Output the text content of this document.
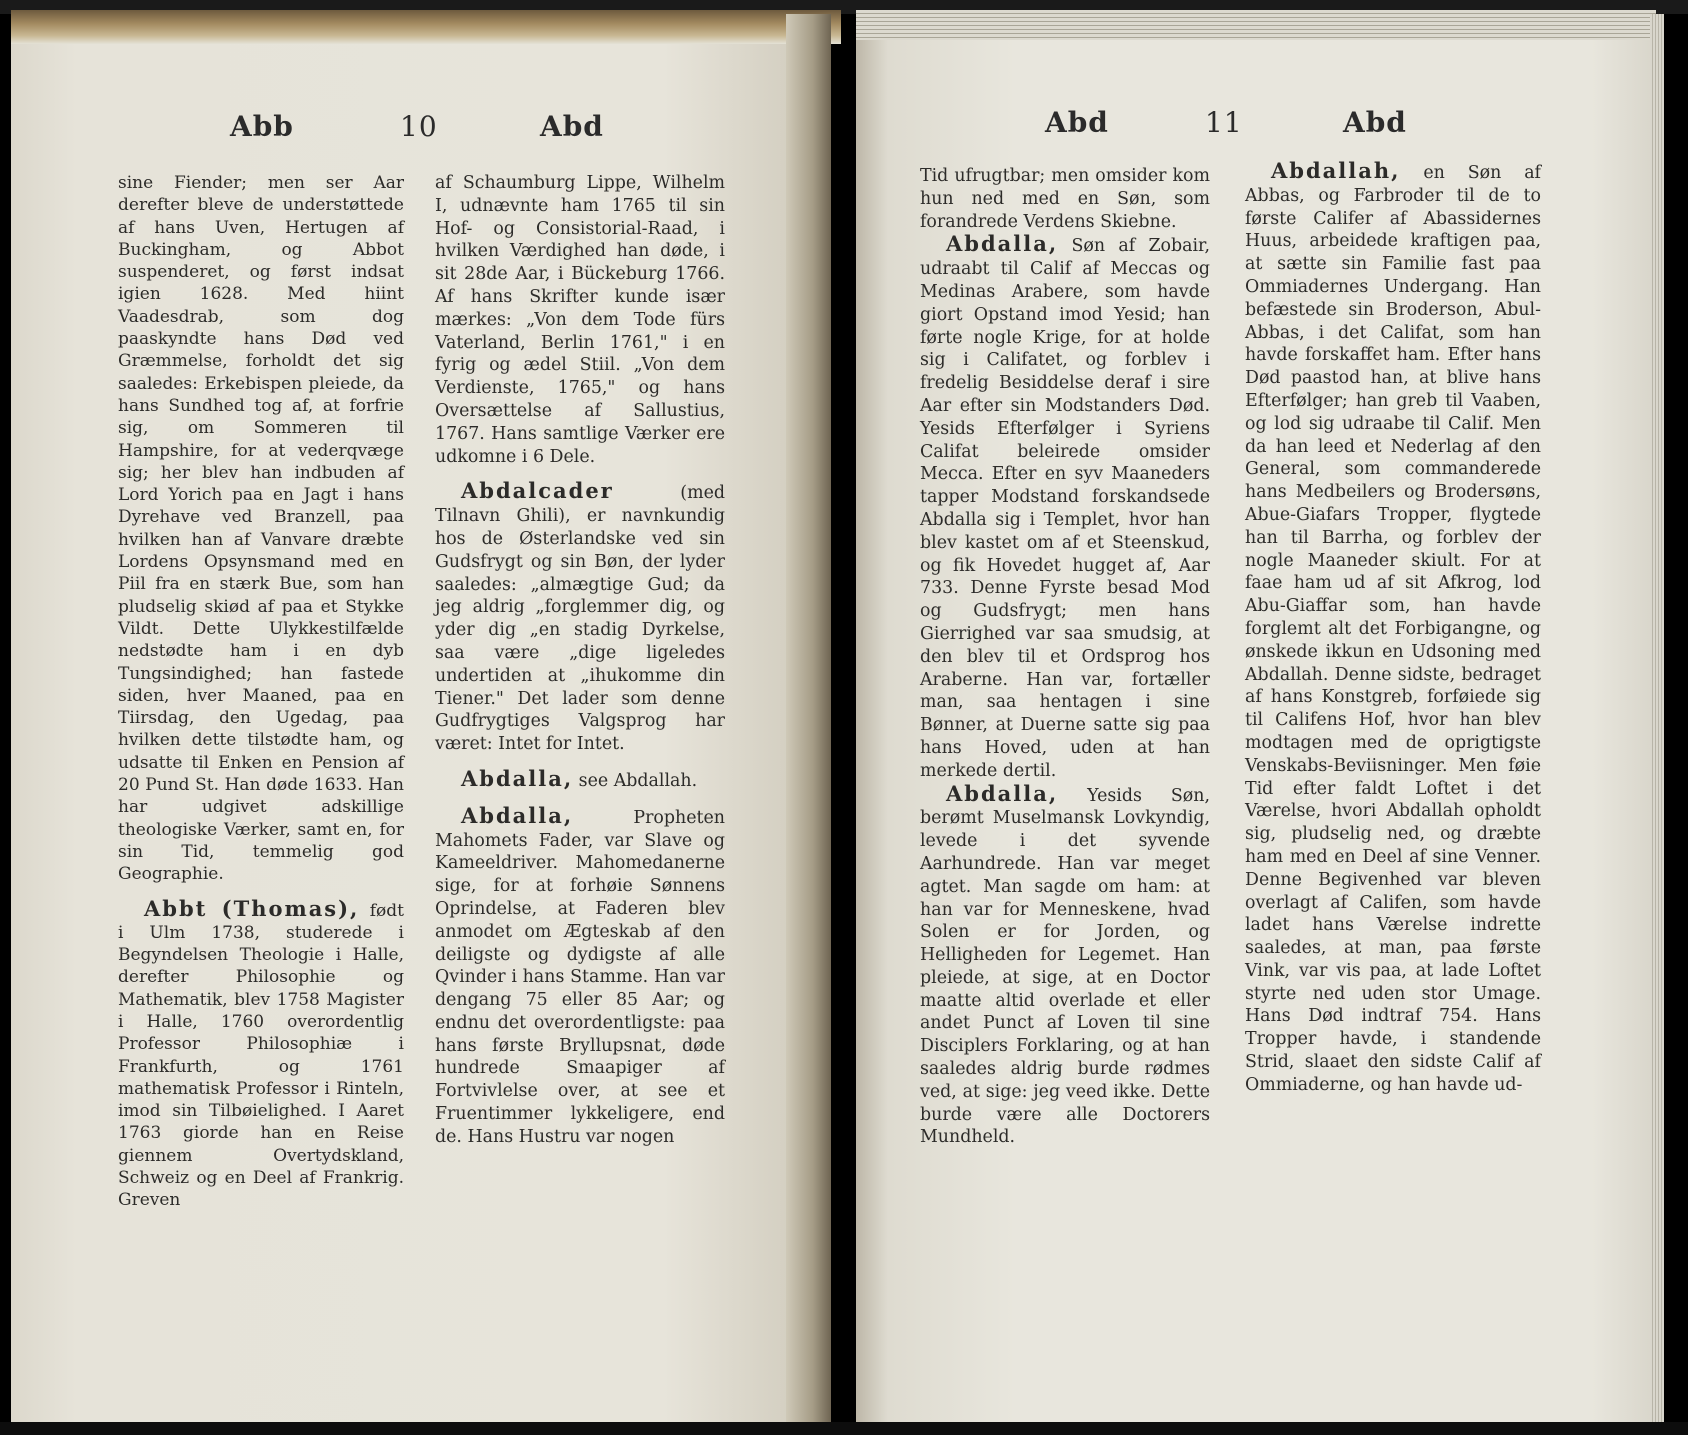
Abb	10	Abd

sine Fiender; men ser Aar derefter bleve de understøttede af hans Uven, Hertugen af Buckingham, og Abbot suspenderet, og først indsat igien 1628. Med hiint Vaadesdrab, som dog paaskyndte hans Død ved Græmmelse, forholdt det sig saaledes: Erkebispen pleiede, da hans Sundhed tog af, at forfrie sig, om Sommeren til Hampshire, for at vederqvæge sig; her blev han indbuden af Lord Yorich paa en Jagt i hans Dyrehave ved Branzell, paa hvilken han af Vanvare dræbte Lordens Opsynsmand med en Piil fra en stærk Bue, som han pludselig skiød af paa et Stykke Vildt. Dette Ulykkestilfælde nedstødte ham i en dyb Tungsindighed; han fastede siden, hver Maaned, paa en Tiirsdag, den Ugedag, paa hvilken dette tilstødte ham, og udsatte til Enken en Pension af 20 Pund St. Han døde 1633. Han har udgivet adskillige theologiske Værker, samt en, for sin Tid, temmelig god Geographie.

Abbt (Thomas), født i Ulm 1738, studerede i Begyndelsen Theologie i Halle, derefter Philosophie og Mathematik, blev 1758 Magister i Halle, 1760 overordentlig Professor Philosophiæ i Frankfurth, og 1761 mathematisk Professor i Rinteln, imod sin Tilbøielighed. I Aaret 1763 giorde han en Reise giennem Overtydskland, Schweiz og en Deel af Frankrig. Greven

af Schaumburg Lippe, Wilhelm I, udnævnte ham 1765 til sin Hof- og Consistorial-Raad, i hvilken Værdighed han døde, i sit 28de Aar, i Bückeburg 1766. Af hans Skrifter kunde især mærkes: „Von dem Tode fürs Vaterland, Berlin 1761," i en fyrig og ædel Stiil. „Von dem Verdienste, 1765," og hans Oversættelse af Sallustius, 1767. Hans samtlige Værker ere udkomne i 6 Dele.

Abdalcader (med Tilnavn Ghili), er navnkundig hos de Østerlandske ved sin Gudsfrygt og sin Bøn, der lyder saaledes: „almægtige Gud; da jeg aldrig „forglemmer dig, og yder dig „en stadig Dyrkelse, saa være „dige ligeledes undertiden at „ihukomme din Tiener." Det lader som denne Gudfrygtiges Valgsprog har været: Intet for Intet.

Abdalla, see Abdallah.

Abdalla, Propheten Mahomets Fader, var Slave og Kameeldriver. Mahomedanerne sige, for at forhøie Sønnens Oprindelse, at Faderen blev anmodet om Ægteskab af den deiligste og dydigste af alle Qvinder i hans Stamme. Han var dengang 75 eller 85 Aar; og endnu det overordentligste: paa hans første Bryllupsnat, døde hundrede Smaapiger af Fortvivlelse over, at see et Fruentimmer lykkeligere, end de. Hans Hustru var nogen

Abd	11	Abd

Tid ufrugtbar; men omsider kom hun ned med en Søn, som forandrede Verdens Skiebne.

Abdalla, Søn af Zobair, udraabt til Calif af Meccas og Medinas Arabere, som havde giort Opstand imod Yesid; han førte nogle Krige, for at holde sig i Califatet, og forblev i fredelig Besiddelse deraf i sire Aar efter sin Modstanders Død. Yesids Efterfølger i Syriens Califat beleirede omsider Mecca. Efter en syv Maaneders tapper Modstand forskandsede Abdalla sig i Templet, hvor han blev kastet om af et Steenskud, og fik Hovedet hugget af, Aar 733. Denne Fyrste besad Mod og Gudsfrygt; men hans Gierrighed var saa smudsig, at den blev til et Ordsprog hos Araberne. Han var, fortæller man, saa hentagen i sine Bønner, at Duerne satte sig paa hans Hoved, uden at han merkede dertil.

Abdalla, Yesids Søn, berømt Muselmansk Lovkyndig, levede i det syvende Aarhundrede. Han var meget agtet. Man sagde om ham: at han var for Menneskene, hvad Solen er for Jorden, og Helligheden for Legemet. Han pleiede, at sige, at en Doctor maatte altid overlade et eller andet Punct af Loven til sine Disciplers Forklaring, og at han saaledes aldrig burde rødmes ved, at sige: jeg veed ikke. Dette burde være alle Doctorers Mundheld.

Abdallah, en Søn af Abbas, og Farbroder til de to første Califer af Abassidernes Huus, arbeidede kraftigen paa, at sætte sin Familie fast paa Ommiadernes Undergang. Han befæstede sin Broderson, Abul-Abbas, i det Califat, som han havde forskaffet ham. Efter hans Død paastod han, at blive hans Efterfølger; han greb til Vaaben, og lod sig udraabe til Calif. Men da han leed et Nederlag af den General, som commanderede hans Medbeilers og Brodersøns, Abue-Giafars Tropper, flygtede han til Barrha, og forblev der nogle Maaneder skiult. For at faae ham ud af sit Afkrog, lod Abu-Giaffar som, han havde forglemt alt det Forbigangne, og ønskede ikkun en Udsoning med Abdallah. Denne sidste, bedraget af hans Konstgreb, forføiede sig til Califens Hof, hvor han blev modtagen med de oprigtigste Venskabs-Beviisninger. Men føie Tid efter faldt Loftet i det Værelse, hvori Abdallah opholdt sig, pludselig ned, og dræbte ham med en Deel af sine Venner. Denne Begivenhed var bleven overlagt af Califen, som havde ladet hans Værelse indrette saaledes, at man, paa første Vink, var vis paa, at lade Loftet styrte ned uden stor Umage. Hans Død indtraf 754. Hans Tropper havde, i standende Strid, slaaet den sidste Calif af Ommiaderne, og han havde ud-
